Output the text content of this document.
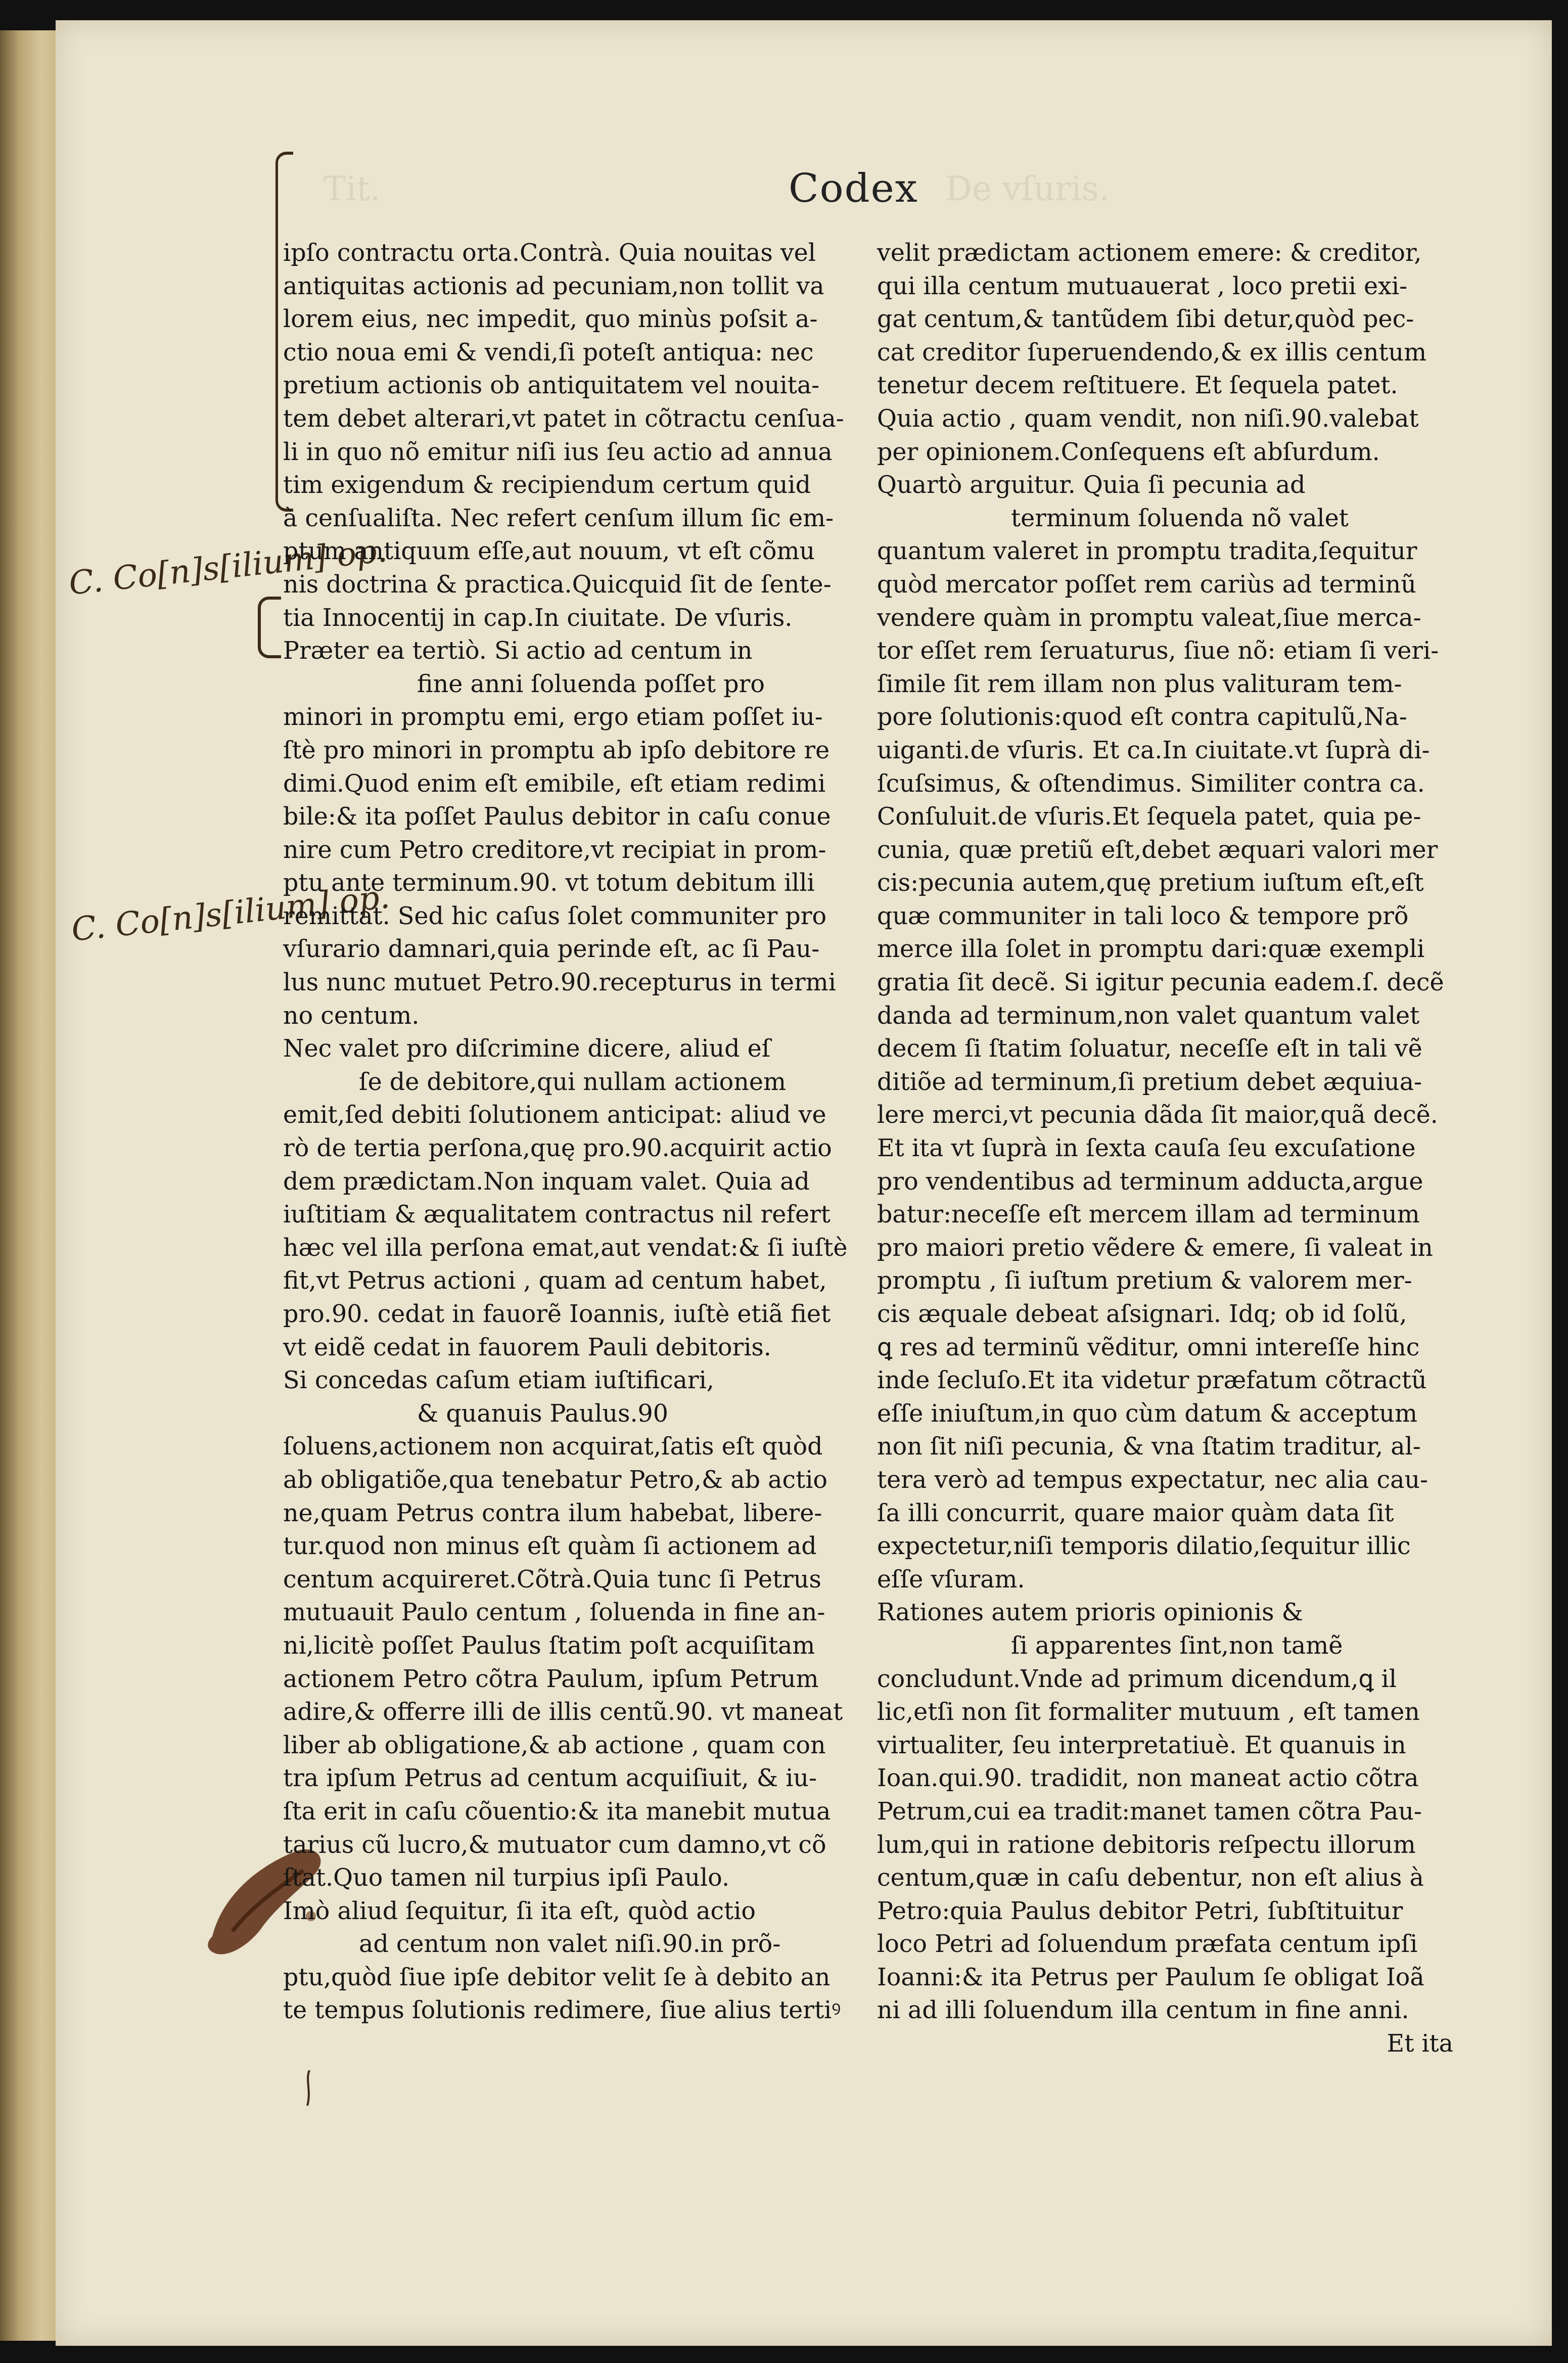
Tit.	De vſuris.
Codex
C. Co[n]s[ilium] op.
C. Co[n]s[ilium] op.
ipſo contractu orta.Contrà. Quia nouitas vel
antiquitas actionis ad pecuniam,non tollit va
lorem eius, nec impedit, quo minùs poſsit a-
ctio noua emi & vendi,ſi poteſt antiqua: nec
pretium actionis ob antiquitatem vel nouita-
tem debet alterari,vt patet in cõtractu cenſua-
li in quo nõ emitur niſi ius ſeu actio ad annua
tim exigendum & recipiendum certum quid
à cenſualiſta. Nec refert cenſum illum ſic em-
ptum antiquum eſſe,aut nouum, vt eſt cõmu
nis doctrina & practica.Quicquid ſit de ſente-
tia Innocentij in cap.In ciuitate. De vſuris.
Præter ea tertiò. Si actio ad centum in
fine anni ſoluenda poſſet pro
minori in promptu emi, ergo etiam poſſet iu-
ſtè pro minori in promptu ab ipſo debitore re
dimi.Quod enim eſt emibile, eſt etiam redimi
bile:& ita poſſet Paulus debitor in caſu conue
nire cum Petro creditore,vt recipiat in prom-
ptu ante terminum.90. vt totum debitum illi
remittat. Sed hic caſus ſolet communiter pro
vſurario damnari,quia perinde eſt, ac ſi Pau-
lus nunc mutuet Petro.90.recepturus in termi
no centum.
Nec valet pro diſcrimine dicere, aliud eſ
ſe de debitore,qui nullam actionem
emit,ſed debiti ſolutionem anticipat: aliud ve
rò de tertia perſona,quę pro.90.acquirit actio
dem prædictam.Non inquam valet. Quia ad
iuſtitiam & æqualitatem contractus nil refert
hæc vel illa perſona emat,aut vendat:& ſi iuſtè
fit,vt Petrus actioni , quam ad centum habet,
pro.90. cedat in fauorẽ Ioannis, iuſtè etiã fiet
vt eidẽ cedat in fauorem Pauli debitoris.
Si concedas caſum etiam iuſtificari,
& quanuis Paulus.90
ſoluens,actionem non acquirat,ſatis eſt quòd
ab obligatiõe,qua tenebatur Petro,& ab actio
ne,quam Petrus contra ilum habebat, libere-
tur.quod non minus eſt quàm ſi actionem ad
centum acquireret.Cõtrà.Quia tunc ſi Petrus
mutuauit Paulo centum , ſoluenda in fine an-
ni,licitè poſſet Paulus ſtatim poſt acquiſitam
actionem Petro cõtra Paulum, ipſum Petrum
adire,& offerre illi de illis centũ.90. vt maneat
liber ab obligatione,& ab actione , quam con
tra ipſum Petrus ad centum acquiſiuit, & iu-
ſta erit in caſu cõuentio:& ita manebit mutua
tarius cũ lucro,& mutuator cum damno,vt cõ
ſtat.Quo tamen nil turpius ipſi Paulo.
Imò aliud ſequitur, ſi ita eſt, quòd actio
ad centum non valet niſi.90.in prõ-
ptu,quòd ſiue ipſe debitor velit ſe à debito an
te tempus ſolutionis redimere, ſiue alius tertiꝰ
velit prædictam actionem emere: & creditor,
qui illa centum mutuauerat , loco pretii exi-
gat centum,& tantũdem ſibi detur,quòd pec-
cat creditor ſuperuendendo,& ex illis centum
tenetur decem reſtituere. Et ſequela patet.
Quia actio , quam vendit, non niſi.90.valebat
per opinionem.Conſequens eſt abſurdum.
Quartò arguitur. Quia ſi pecunia ad
terminum ſoluenda nõ valet
quantum valeret in promptu tradita,ſequitur
quòd mercator poſſet rem cariùs ad terminũ
vendere quàm in promptu valeat,ſiue merca-
tor eſſet rem ſeruaturus, ſiue nõ: etiam ſi veri-
ſimile ſit rem illam non plus valituram tem-
pore ſolutionis:quod eſt contra capitulũ,Na-
uiganti.de vſuris. Et ca.In ciuitate.vt ſuprà di-
ſcuſsimus, & oſtendimus. Similiter contra ca.
Conſuluit.de vſuris.Et ſequela patet, quia pe-
cunia, quæ pretiũ eſt,debet æquari valori mer
cis:pecunia autem,quę pretium iuſtum eſt,eſt
quæ communiter in tali loco & tempore prõ
merce illa ſolet in promptu dari:quæ exempli
gratia ſit decẽ. Si igitur pecunia eadem.ſ. decẽ
danda ad terminum,non valet quantum valet
decem ſi ſtatim ſoluatur, neceſſe eſt in tali vẽ
ditiõe ad terminum,ſi pretium debet æquiua-
lere merci,vt pecunia dãda ſit maior,quã decẽ.
Et ita vt ſuprà in ſexta cauſa ſeu excuſatione
pro vendentibus ad terminum adducta,argue
batur:neceſſe eſt mercem illam ad terminum
pro maiori pretio vẽdere & emere, ſi valeat in
promptu , ſi iuſtum pretium & valorem mer-
cis æquale debeat aſsignari. Idq; ob id ſolũ,
ꝗ res ad terminũ vẽditur, omni intereſſe hinc
inde ſecluſo.Et ita videtur præfatum cõtractũ
eſſe iniuſtum,in quo cùm datum & acceptum
non ſit niſi pecunia, & vna ſtatim traditur, al-
tera verò ad tempus expectatur, nec alia cau-
ſa illi concurrit, quare maior quàm data ſit
expectetur,niſi temporis dilatio,ſequitur illic
eſſe vſuram.
Rationes autem prioris opinionis &
ſi apparentes ſint,non tamẽ
concludunt.Vnde ad primum dicendum,ꝗ il
lic,etſi non ſit formaliter mutuum , eſt tamen
virtualiter, ſeu interpretatiuè. Et quanuis in
Ioan.qui.90. tradidit, non maneat actio cõtra
Petrum,cui ea tradit:manet tamen cõtra Pau-
lum,qui in ratione debitoris reſpectu illorum
centum,quæ in caſu debentur, non eſt alius à
Petro:quia Paulus debitor Petri, ſubſtituitur
loco Petri ad ſoluendum præfata centum ipſi
Ioanni:& ita Petrus per Paulum ſe obligat Ioã
ni ad illi ſoluendum illa centum in fine anni.
Et ita
